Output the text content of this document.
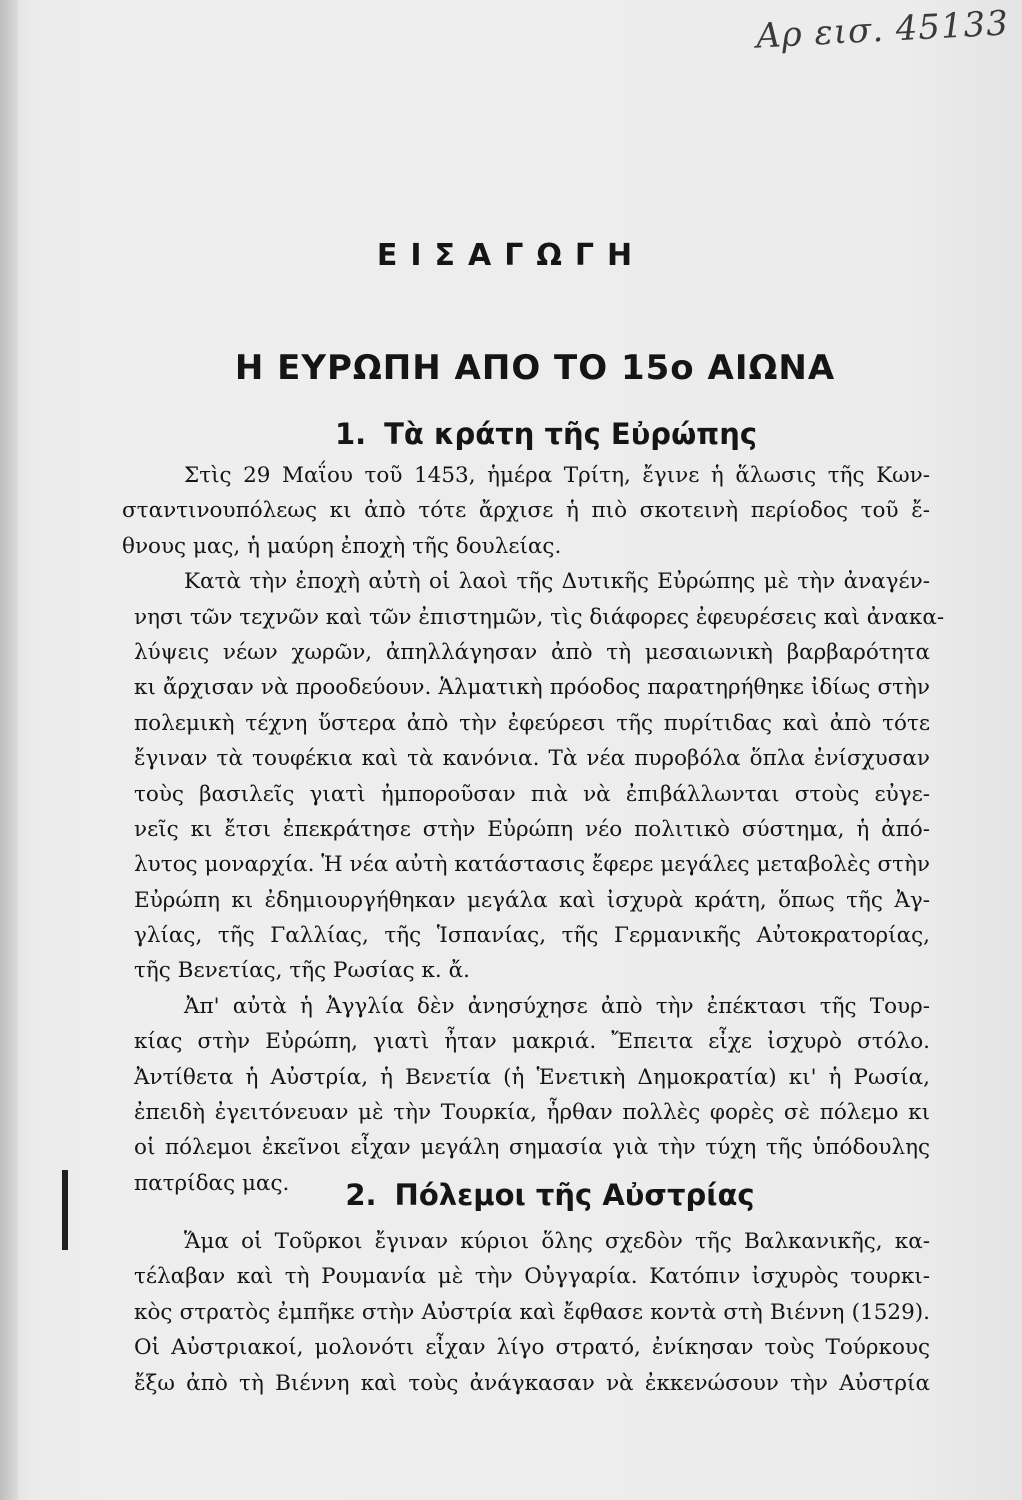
Αρ εισ. 45133

ΕΙΣΑΓΩΓΗ
Η ΕΥΡΩΠΗ ΑΠΟ ΤΟ 15ο ΑΙΩΝΑ
1. Τὰ κράτη τῆς Εὐρώπης
Στὶς 29 Μαΐου τοῦ 1453, ἡμέρα Τρίτη, ἔγινε ἡ ἅλωσις τῆς Κων-
σταντινουπόλεως κι ἀπὸ τότε ἄρχισε ἡ πιὸ σκοτεινὴ περίοδος τοῦ ἔ-
θνους μας, ἡ μαύρη ἐποχὴ τῆς δουλείας.
Κατὰ τὴν ἐποχὴ αὐτὴ οἱ λαοὶ τῆς Δυτικῆς Εὐρώπης μὲ τὴν ἀναγέν-
νησι τῶν τεχνῶν καὶ τῶν ἐπιστημῶν, τὶς διάφορες ἐφευρέσεις καὶ ἀνακα-
λύψεις νέων χωρῶν, ἀπηλλάγησαν ἀπὸ τὴ μεσαιωνικὴ βαρβαρότητα
κι ἄρχισαν νὰ προοδεύουν. Ἁλματικὴ πρόοδος παρατηρήθηκε ἰδίως στὴν
πολεμικὴ τέχνη ὕστερα ἀπὸ τὴν ἐφεύρεσι τῆς πυρίτιδας καὶ ἀπὸ τότε
ἔγιναν τὰ τουφέκια καὶ τὰ κανόνια. Τὰ νέα πυροβόλα ὅπλα ἐνίσχυσαν
τοὺς βασιλεῖς γιατὶ ἠμποροῦσαν πιὰ νὰ ἐπιβάλλωνται στοὺς εὐγε-
νεῖς κι ἔτσι ἐπεκράτησε στὴν Εὐρώπη νέο πολιτικὸ σύστημα, ἡ ἀπό-
λυτος μοναρχία. Ἡ νέα αὐτὴ κατάστασις ἔφερε μεγάλες μεταβολὲς στὴν
Εὐρώπη κι ἐδημιουργήθηκαν μεγάλα καὶ ἰσχυρὰ κράτη, ὅπως τῆς Ἀγ-
γλίας, τῆς Γαλλίας, τῆς Ἱσπανίας, τῆς Γερμανικῆς Αὐτοκρατορίας,
τῆς Βενετίας, τῆς Ρωσίας κ. ἄ.
Ἀπ' αὐτὰ ἡ Ἀγγλία δὲν ἀνησύχησε ἀπὸ τὴν ἐπέκτασι τῆς Τουρ-
κίας στὴν Εὐρώπη, γιατὶ ἦταν μακριά. Ἔπειτα εἶχε ἰσχυρὸ στόλο.
Ἀντίθετα ἡ Αὐστρία, ἡ Βενετία (ἡ Ἑνετικὴ Δημοκρατία) κι' ἡ Ρωσία,
ἐπειδὴ ἐγειτόνευαν μὲ τὴν Τουρκία, ἦρθαν πολλὲς φορὲς σὲ πόλεμο κι
οἱ πόλεμοι ἐκεῖνοι εἶχαν μεγάλη σημασία γιὰ τὴν τύχη τῆς ὑπόδουλης
πατρίδας μας.	2. Πόλεμοι τῆς Αὐστρίας
Ἅμα οἱ Τοῦρκοι ἔγιναν κύριοι ὅλης σχεδὸν τῆς Βαλκανικῆς, κα-
τέλαβαν καὶ τὴ Ρουμανία μὲ τὴν Οὐγγαρία. Κατόπιν ἰσχυρὸς τουρκι-
κὸς στρατὸς ἐμπῆκε στὴν Αὐστρία καὶ ἔφθασε κοντὰ στὴ Βιέννη (1529).
Οἱ Αὐστριακοί, μολονότι εἶχαν λίγο στρατό, ἐνίκησαν τοὺς Τούρκους
ἔξω ἀπὸ τὴ Βιέννη καὶ τοὺς ἀνάγκασαν νὰ ἐκκενώσουν τὴν Αὐστρία
